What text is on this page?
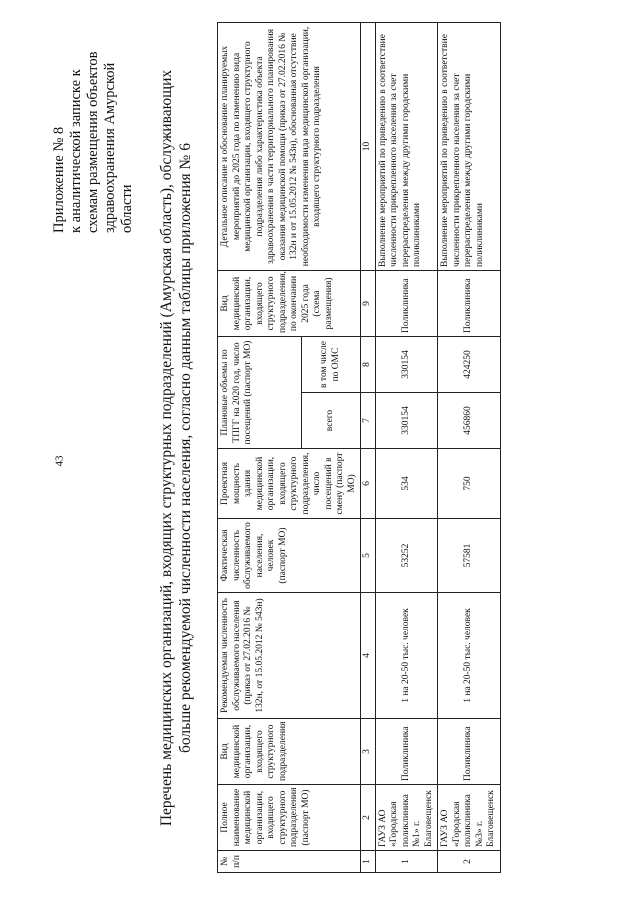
43
Приложение № 8 к аналитической записке к схемам размещения объектов здравоохранения Амурской области Перечень медицинских организаций, входящих структурных подразделений (Амурская область), обслуживающих больше рекомендуемой численности населения, согласно данным таблицы приложения № 6
№ п/п	Полное наименование медицинской организации, входящего структурного подразделения (паспорт МО)	Вид медицинской организации, входящего структурного подразделения	Рекомендуемая численность обслуживаемого населения (приказ от 27.02.2016 № 132н, от 15.05.2012 № 543н)	Фактическая численность обслуживаемого населения, человек (паспорт МО)	Проектная мощность здания медицинской организации, входящего структурного подразделения, число посещений в смену (паспорт МО)	Плановые объемы по ТПГГ на 2020 год, число посещений (паспорт МО)		Вид медицинской организации, входящего структурного подразделения, по окончании 2025 года (схема размещения)	Детальное описание и обоснование планируемых мероприятий до 2025 года по изменению вида медицинской организации, входящего структурного подразделения либо характеристика объекта здравоохранения в части территориального планирования оказания медицинской помощи (приказ от 27.02.2016 № 132н и от 15.05.2012 № 543н), обоснованная отсутствие необходимости изменения вида медицинской организации, входящего структурного подразделения
						всего	в том числе по ОМС		
1	2	3	4	5	6	7	8	9	10
1	ГАУЗ АО «Городская поликлиника №1» г. Благовещенск	Поликлиника	1 на 20-50 тыс. человек	53252	534	330154	330154	Поликлиника	Выполнение мероприятий по приведению в соответствие численности прикрепленного населения за счет перераспределения между другими городскими поликлиниками
2	ГАУЗ АО «Городская поликлиника №3» г. Благовещенск	Поликлиника	1 на 20-50 тыс. человек	57581	750	456860	424250	Поликлиника	Выполнение мероприятий по приведению в соответствие численности прикрепленного населения за счет перераспределения между другими городскими поликлиниками
